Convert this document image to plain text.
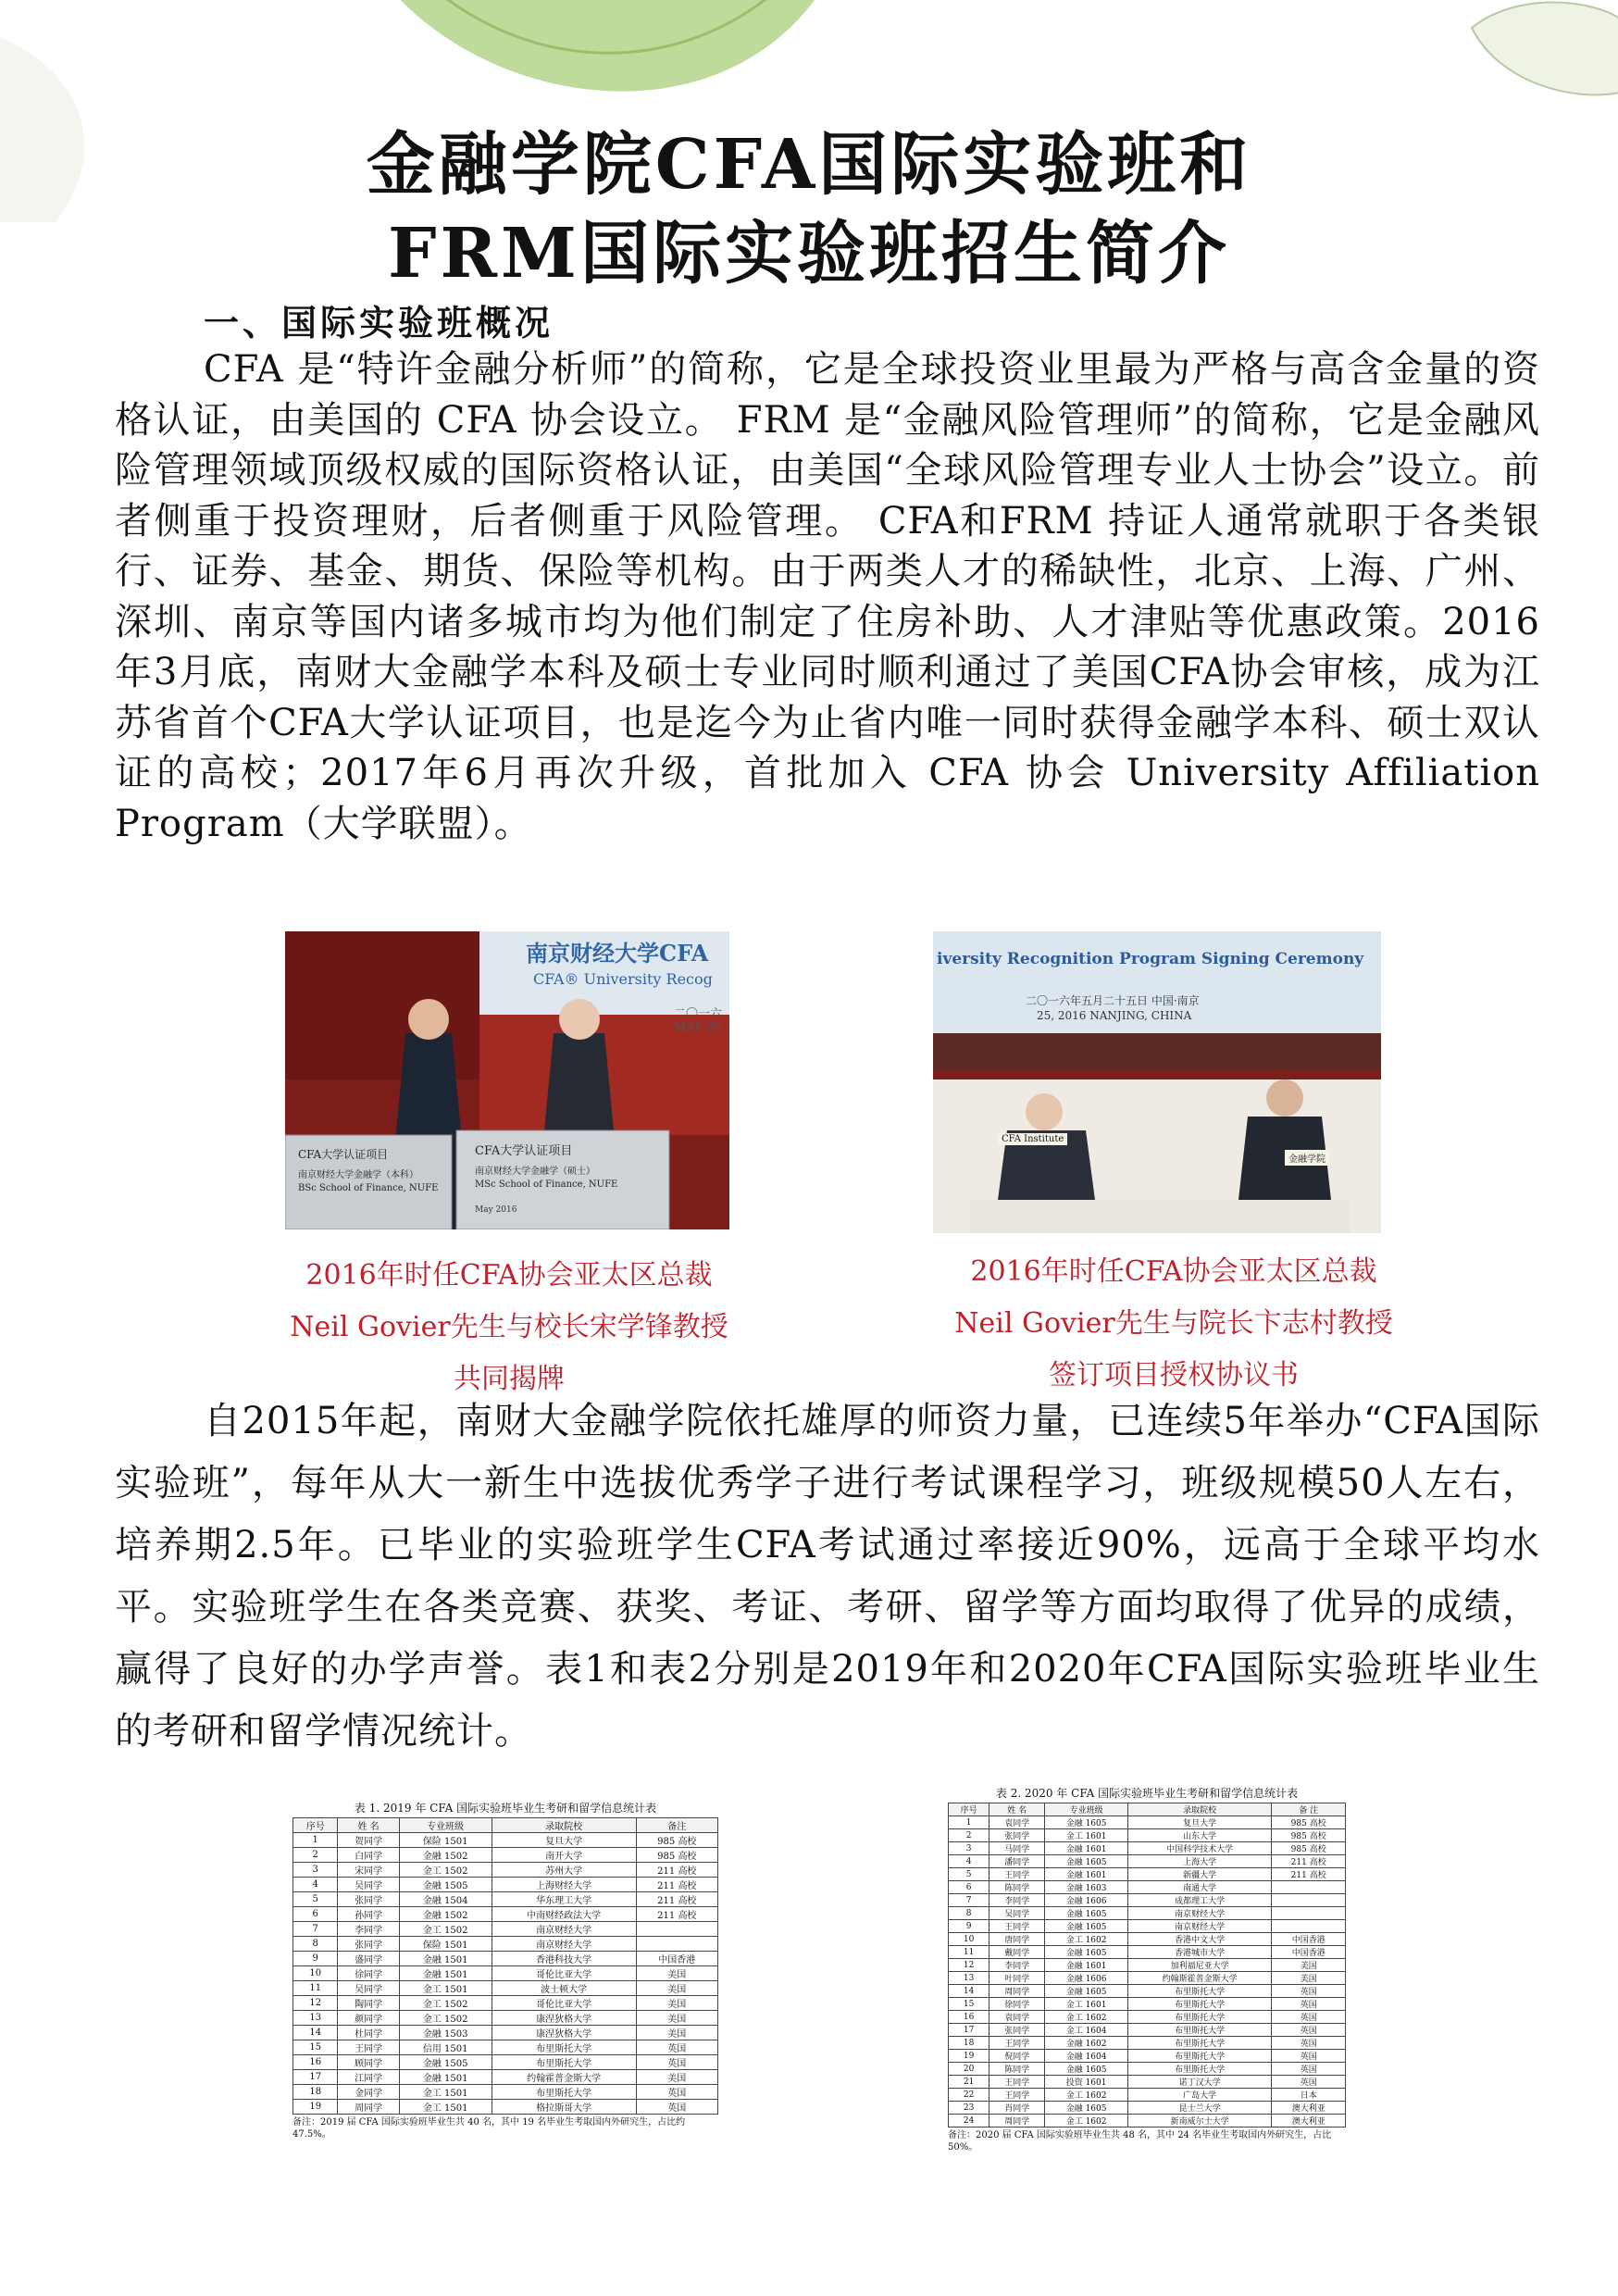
金融学院CFA国际实验班和
FRM国际实验班招生简介
一、国际实验班概况

CFA 是“特许金融分析师”的简称，它是全球投资业里最为严格与高含金量的资格认证，由美国的 CFA 协会设立。 FRM 是“金融风险管理师”的简称，它是金融风险管理领域顶级权威的国际资格认证，由美国“全球风险管理专业人士协会”设立。前者侧重于投资理财，后者侧重于风险管理。 CFA和FRM 持证人通常就职于各类银行、证券、基金、期货、保险等机构。由于两类人才的稀缺性，北京、上海、广州、深圳、南京等国内诸多城市均为他们制定了住房补助、人才津贴等优惠政策。2016年3月底，南财大金融学本科及硕士专业同时顺利通过了美国CFA协会审核，成为江苏省首个CFA大学认证项目，也是迄今为止省内唯一同时获得金融学本科、硕士双认证的高校；2017年6月再次升级，首批加入 CFA 协会 University Affiliation Program（大学联盟）。

南京财经大学CFA
CFA® University Recog
二〇一六
MAY 25
CFA大学认证项目
南京财经大学金融学（本科）
BSc School of Finance, NUFE
CFA大学认证项目
南京财经大学金融学（硕士）
MSc School of Finance, NUFE
May 2016
iversity Recognition Program Signing Ceremony
二〇一六年五月二十五日 中国·南京
25, 2016 NANJING, CHINA
CFA Institute
金融学院
2016年时任CFA协会亚太区总裁
Neil Govier先生与校长宋学锋教授
共同揭牌
2016年时任CFA协会亚太区总裁
Neil Govier先生与院长卞志村教授
签订项目授权协议书

自2015年起，南财大金融学院依托雄厚的师资力量，已连续5年举办“CFA国际实验班”，每年从大一新生中选拔优秀学子进行考试课程学习，班级规模50人左右，培养期2.5年。已毕业的实验班学生CFA考试通过率接近90%，远高于全球平均水平。实验班学生在各类竞赛、获奖、考证、考研、留学等方面均取得了优异的成绩，赢得了良好的办学声誉。表1和表2分别是2019年和2020年CFA国际实验班毕业生的考研和留学情况统计。

表 1. 2019 年 CFA 国际实验班毕业生考研和留学信息统计表
序号	姓 名	专业班级	录取院校	备注
1	贺同学	保险 1501	复旦大学	985 高校
2	白同学	金融 1502	南开大学	985 高校
3	宋同学	金工 1502	苏州大学	211 高校
4	吴同学	金融 1505	上海财经大学	211 高校
5	张同学	金融 1504	华东理工大学	211 高校
6	孙同学	金融 1502	中南财经政法大学	211 高校
7	李同学	金工 1502	南京财经大学	
8	张同学	保险 1501	南京财经大学	
9	盛同学	金融 1501	香港科技大学	中国香港
10	徐同学	金融 1501	哥伦比亚大学	美国
11	吴同学	金工 1501	波士顿大学	美国
12	陶同学	金工 1502	哥伦比亚大学	美国
13	颜同学	金工 1502	康涅狄格大学	美国
14	杜同学	金融 1503	康涅狄格大学	美国
15	王同学	信用 1501	布里斯托大学	英国
16	顾同学	金融 1505	布里斯托大学	英国
17	江同学	金融 1501	约翰霍普金斯大学	美国
18	金同学	金工 1501	布里斯托大学	英国
19	周同学	金工 1501	格拉斯哥大学	英国
备注：2019 届 CFA 国际实验班毕业生共 40 名，其中 19 名毕业生考取国内外研究生，占比约 47.5%。
表 2. 2020 年 CFA 国际实验班毕业生考研和留学信息统计表
序号	姓 名	专业班级	录取院校	备 注
1	袁同学	金融 1605	复旦大学	985 高校
2	张同学	金工 1601	山东大学	985 高校
3	马同学	金融 1601	中国科学技术大学	985 高校
4	潘同学	金融 1605	上海大学	211 高校
5	王同学	金融 1601	新疆大学	211 高校
6	陈同学	金融 1603	南通大学	
7	李同学	金融 1606	成都理工大学	
8	吴同学	金融 1605	南京财经大学	
9	王同学	金融 1605	南京财经大学	
10	唐同学	金工 1602	香港中文大学	中国香港
11	戴同学	金融 1605	香港城市大学	中国香港
12	李同学	金融 1601	加利福尼亚大学	美国
13	叶同学	金融 1606	约翰斯霍普金斯大学	美国
14	周同学	金融 1605	布里斯托大学	英国
15	徐同学	金工 1601	布里斯托大学	英国
16	袁同学	金工 1602	布里斯托大学	英国
17	张同学	金工 1604	布里斯托大学	英国
18	王同学	金融 1602	布里斯托大学	英国
19	倪同学	金融 1604	布里斯托大学	英国
20	陈同学	金融 1605	布里斯托大学	英国
21	王同学	投资 1601	诺丁汉大学	英国
22	王同学	金工 1602	广岛大学	日本
23	肖同学	金融 1605	昆士兰大学	澳大利亚
24	周同学	金工 1602	新南威尔士大学	澳大利亚
备注：2020 届 CFA 国际实验班毕业生共 48 名，其中 24 名毕业生考取国内外研究生，占比 50%。
